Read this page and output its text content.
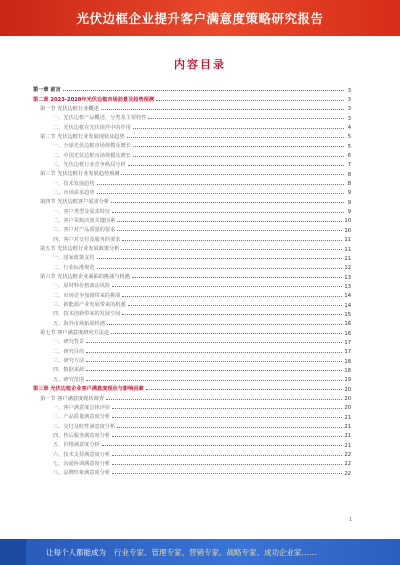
光伏边框企业提升客户满意度策略研究报告
内容目录
第一章 前言	3
第二章 2023-2028年光伏边框市场前景及趋势预测	3
第一节 光伏边框行业概述	3
一、光伏边框产品概述、分类及主要特性	3
二、光伏边框在光伏组件中的作用	4
第二节 光伏边框行业发展现状及趋势	5
一、全球光伏边框市场规模及增长	5
二、中国光伏边框市场规模及增长	6
三、光伏边框行业竞争格局分析	7
第三节 光伏边框行业发展趋势预测	8
一、技术发展趋势	8
二、市场需求趋势	9
第四节 光伏边框客户需求分析	9
一、客户类型及需求特征	9
二、客户采购决策关键因素	10
三、客户对产品质量的要求	10
四、客户对交付及服务的要求	11
第五节 光伏边框行业发展政策分析	11
一、国家政策支持	11
二、行业标准规范	12
第六节 光伏边框企业面临的挑战与机遇	13
一、原材料价格波动风险	13
二、市场竞争加剧带来的挑战	14
三、新能源产业发展带来的机遇	14
四、技术创新带来的发展空间	15
五、海外市场拓展机遇	16
第七节 客户满意度研究方法论	16
一、研究背景	17
二、研究目的	17
三、研究方法	18
四、数据来源	18
五、研究范围	19
第三章 光伏边框企业客户满意度现状与影响因素	20
第一节 客户满意度现状调查	20
一、客户满意度总体评价	20
二、产品质量满意度分析	21
三、交付及时性满意度分析	21
四、售后服务满意度分析	21
五、价格满意度分析	21
六、技术支持满意度分析	22
七、沟通协调满意度分析	22
八、品牌形象满意度分析	22
1
让每个人都能成为 行业专家、管理专家、营销专家、战略专家、成功企业家……
